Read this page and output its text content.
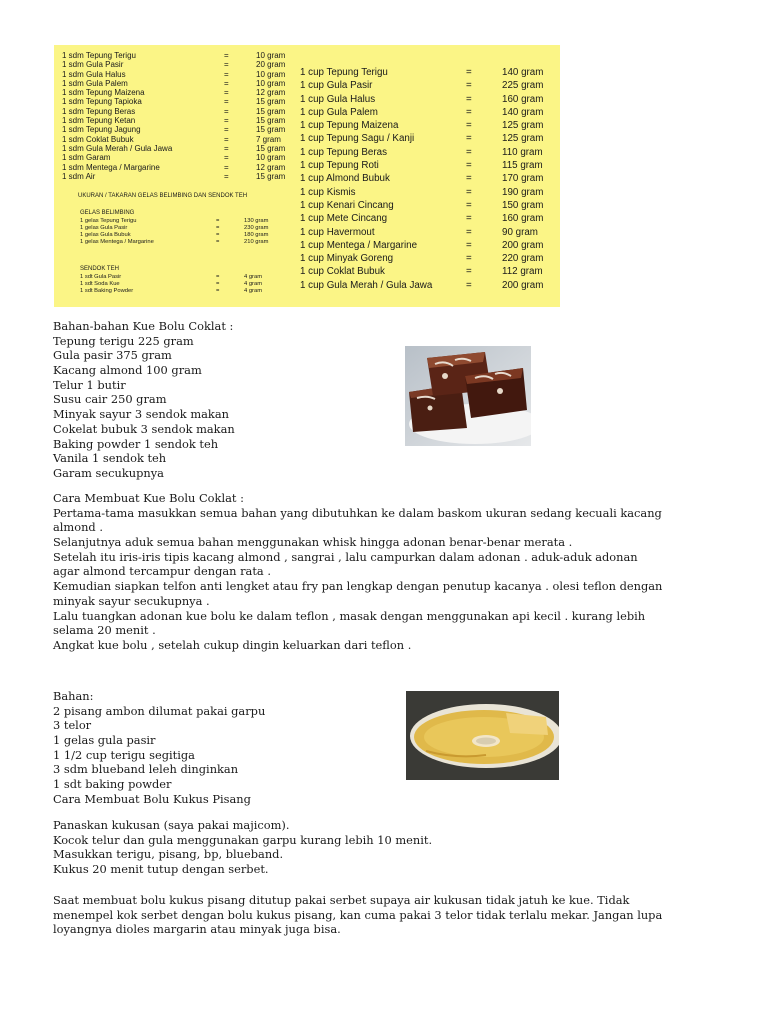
1 sdm Tepung Terigu	=	10 gram
1 sdm Gula Pasir	=	20 gram
1 sdm Gula Halus	=	10 gram
1 sdm Gula Palem	=	10 gram
1 sdm Tepung Maizena	=	12 gram
1 sdm Tepung Tapioka	=	15 gram
1 sdm Tepung Beras	=	15 gram
1 sdm Tepung Ketan	=	15 gram
1 sdm Tepung Jagung	=	15 gram
1 sdm Coklat Bubuk	=	7 gram
1 sdm Gula Merah / Gula Jawa	=	15 gram
1 sdm Garam	=	10 gram
1 sdm Mentega / Margarine	=	12 gram
1 sdm Air	=	15 gram
UKURAN / TAKARAN GELAS BELIMBING DAN SENDOK TEH
GELAS BELIMBING
1 gelas Tepung Terigu	=	130 gram
1 gelas Gula Pasir	=	230 gram
1 gelas Gula Bubuk	=	180 gram
1 gelas Mentega / Margarine	=	210 gram
SENDOK TEH
1 sdt Gula Pasir	=	4 gram
1 sdt Soda Kue	=	4 gram
1 sdt Baking Powder	=	4 gram
1 cup Tepung Terigu	=	140 gram
1 cup Gula Pasir	=	225 gram
1 cup Gula Halus	=	160 gram
1 cup Gula Palem	=	140 gram
1 cup Tepung Maizena	=	125 gram
1 cup Tepung Sagu / Kanji	=	125 gram
1 cup Tepung Beras	=	110 gram
1 cup Tepung Roti	=	115 gram
1 cup Almond Bubuk	=	170 gram
1 cup Kismis	=	190 gram
1 cup Kenari Cincang	=	150 gram
1 cup Mete Cincang	=	160 gram
1 cup Havermout	=	90 gram
1 cup Mentega / Margarine	=	200 gram
1 cup Minyak Goreng	=	220 gram
1 cup Coklat Bubuk	=	112 gram
1 cup Gula Merah / Gula Jawa	=	200 gram
Bahan-bahan Kue Bolu Coklat :
Tepung terigu 225 gram
Gula pasir 375 gram
Kacang almond 100 gram
Telur 1 butir
Susu cair 250 gram
Minyak sayur 3 sendok makan
Cokelat bubuk 3 sendok makan
Baking powder 1 sendok teh
Vanila 1 sendok teh
Garam secukupnya
Cara Membuat Kue Bolu Coklat :
Pertama-tama masukkan semua bahan yang dibutuhkan ke dalam baskom ukuran sedang kecuali kacang
almond .
Selanjutnya aduk semua bahan menggunakan whisk hingga adonan benar-benar merata .
Setelah itu iris-iris tipis kacang almond , sangrai , lalu campurkan dalam adonan . aduk-aduk adonan
agar almond tercampur dengan rata .
Kemudian siapkan telfon anti lengket atau fry pan lengkap dengan penutup kacanya . olesi teflon dengan
minyak sayur secukupnya .
Lalu tuangkan adonan kue bolu ke dalam teflon , masak dengan menggunakan api kecil . kurang lebih
selama 20 menit .
Angkat kue bolu , setelah cukup dingin keluarkan dari teflon .
Bahan:
2 pisang ambon dilumat pakai garpu
3 telor
1 gelas gula pasir
1 1/2 cup terigu segitiga
3 sdm blueband leleh dinginkan
1 sdt baking powder
Cara Membuat Bolu Kukus Pisang
Panaskan kukusan (saya pakai majicom).
Kocok telur dan gula menggunakan garpu kurang lebih 10 menit.
Masukkan terigu, pisang, bp, blueband.
Kukus 20 menit tutup dengan serbet.
Saat membuat bolu kukus pisang ditutup pakai serbet supaya air kukusan tidak jatuh ke kue. Tidak
menempel kok serbet dengan bolu kukus pisang, kan cuma pakai 3 telor tidak terlalu mekar. Jangan lupa
loyangnya dioles margarin atau minyak juga bisa.
